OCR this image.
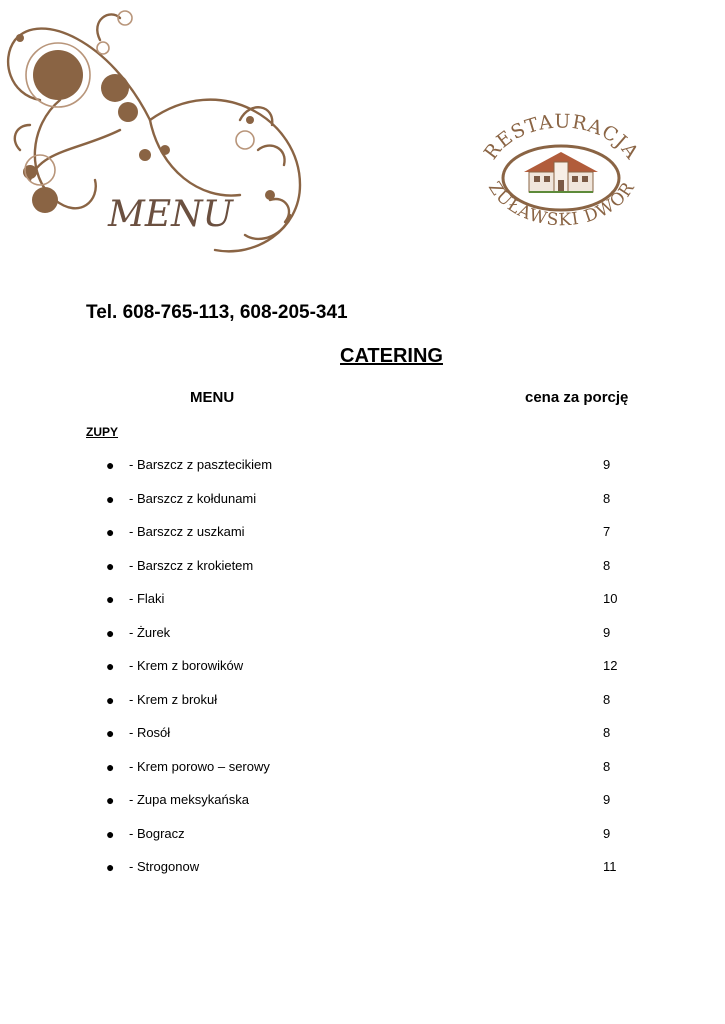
MENU
RESTAURACJA
ŻUŁAWSKI DWÓR
Tel. 608-765-113, 608-205-341
CATERING
MENU	cena za porcję
ZUPY
● - Barszcz z pasztecikiem	9
● - Barszcz z kołdunami	8
● - Barszcz z uszkami	7
● - Barszcz z krokietem	8
● - Flaki	10
● - Żurek	9
● - Krem z borowików	12
● - Krem z brokuł	8
● - Rosół	8
● - Krem porowo – serowy	8
● - Zupa meksykańska	9
● - Bogracz	9
● - Strogonow	11
